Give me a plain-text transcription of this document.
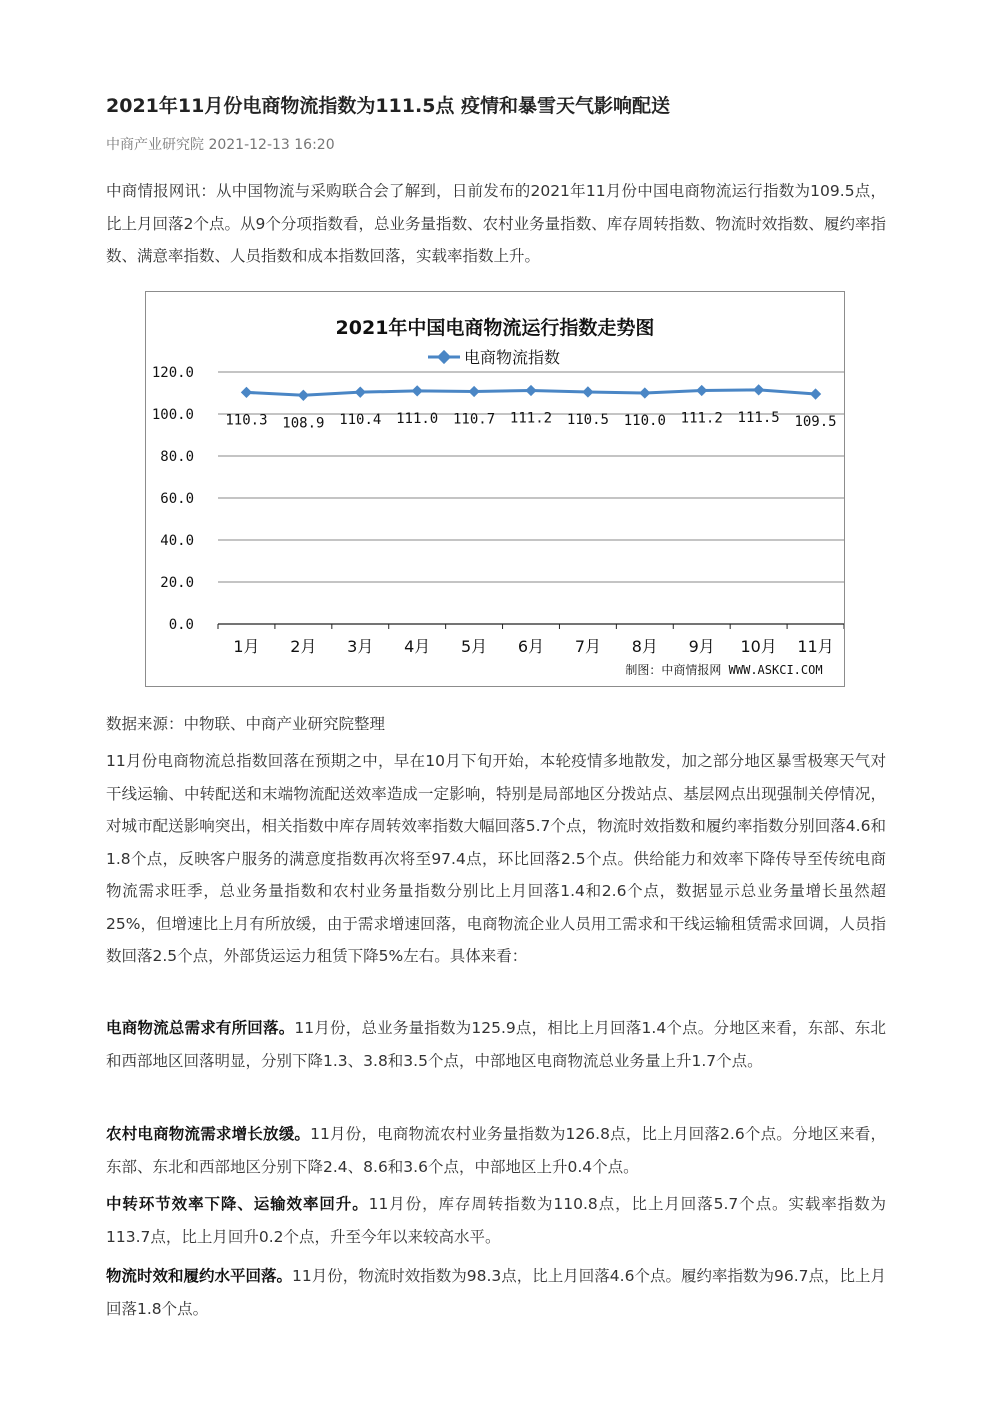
2021年11月份电商物流指数为111.5点 疫情和暴雪天气影响配送
中商产业研究院 2021-12-13 16:20

中商情报网讯：从中国物流与采购联合会了解到，日前发布的2021年11月份中国电商物流运行指数为109.5点，比上月回落2个点。从9个分项指数看，总业务量指数、农村业务量指数、库存周转指数、物流时效指数、履约率指数、满意率指数、人员指数和成本指数回落，实载率指数上升。

数据来源：中物联、中商产业研究院整理

11月份电商物流总指数回落在预期之中，早在10月下旬开始，本轮疫情多地散发，加之部分地区暴雪极寒天气对干线运输、中转配送和末端物流配送效率造成一定影响，特别是局部地区分拨站点、基层网点出现强制关停情况，对城市配送影响突出，相关指数中库存周转效率指数大幅回落5.7个点，物流时效指数和履约率指数分别回落4.6和1.8个点，反映客户服务的满意度指数再次将至97.4点，环比回落2.5个点。供给能力和效率下降传导至传统电商物流需求旺季，总业务量指数和农村业务量指数分别比上月回落1.4和2.6个点，数据显示总业务量增长虽然超25%，但增速比上月有所放缓，由于需求增速回落，电商物流企业人员用工需求和干线运输租赁需求回调，人员指数回落2.5个点，外部货运运力租赁下降5%左右。具体来看：

电商物流总需求有所回落。11月份，总业务量指数为125.9点，相比上月回落1.4个点。分地区来看，东部、东北和西部地区回落明显，分别下降1.3、3.8和3.5个点，中部地区电商物流总业务量上升1.7个点。

农村电商物流需求增长放缓。11月份，电商物流农村业务量指数为126.8点，比上月回落2.6个点。分地区来看，东部、东北和西部地区分别下降2.4、8.6和3.6个点，中部地区上升0.4个点。

中转环节效率下降、运输效率回升。11月份，库存周转指数为110.8点，比上月回落5.7个点。实载率指数为113.7点，比上月回升0.2个点，升至今年以来较高水平。

物流时效和履约水平回落。11月份，物流时效指数为98.3点，比上月回落4.6个点。履约率指数为96.7点，比上月回落1.8个点。

2021年中国电商物流运行指数走势图
电商物流指数
0.0
20.0
40.0
60.0
80.0
100.0
120.0
1月 2月 3月 4月 5月 6月 7月 8月 9月 10月 11月
110.3 108.9 110.4 111.0 110.7 111.2 110.5 110.0 111.2 111.5 109.5
制图：中商情报网 WWW.ASKCI.COM
